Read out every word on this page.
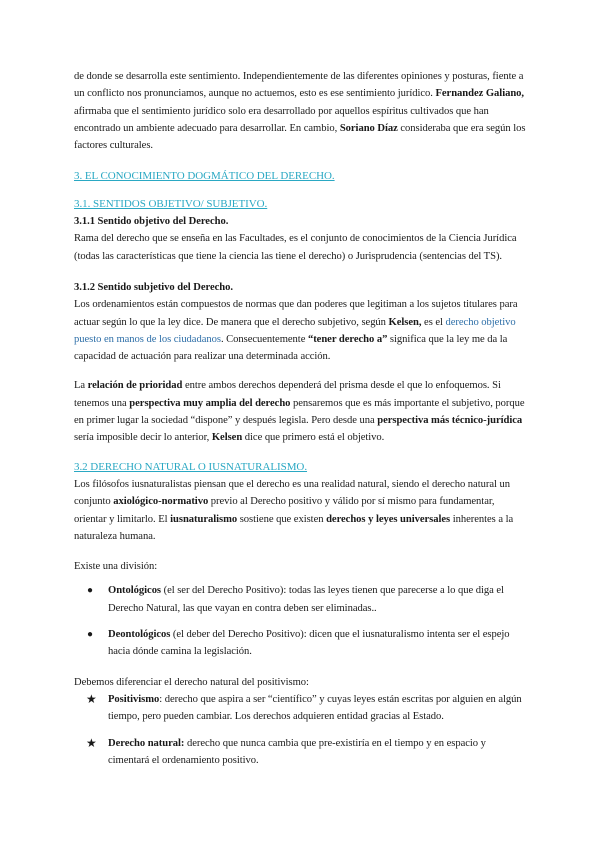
de donde se desarrolla este sentimiento. Independientemente de las diferentes opiniones y posturas, fiente a un conflicto nos pronunciamos, aunque no actuemos, esto es ese sentimiento jurídico. Fernandez Galiano, afirmaba que el sentimiento jurídico solo era desarrollado por aquellos espíritus cultivados que han encontrado un ambiente adecuado para desarrollar. En cambio, Soriano Díaz consideraba que era según los factores culturales.

3. EL CONOCIMIENTO DOGMÁTICO DEL DERECHO.

3.1. SENTIDOS OBJETIVO/ SUBJETIVO.

3.1.1 Sentido objetivo del Derecho.

Rama del derecho que se enseña en las Facultades, es el conjunto de conocimientos de la Ciencia Jurídica (todas las características que tiene la ciencia las tiene el derecho) o Jurisprudencia (sentencias del TS).

3.1.2 Sentido subjetivo del Derecho.

Los ordenamientos están compuestos de normas que dan poderes que legitiman a los sujetos titulares para actuar según lo que la ley dice. De manera que el derecho subjetivo, según Kelsen, es el derecho objetivo puesto en manos de los ciudadanos. Consecuentemente “tener derecho a” significa que la ley me da la capacidad de actuación para realizar una determinada acción.

La relación de prioridad entre ambos derechos dependerá del prisma desde el que lo enfoquemos. Si tenemos una perspectiva muy amplia del derecho pensaremos que es más importante el subjetivo, porque en primer lugar la sociedad “dispone” y después legisla. Pero desde una perspectiva más técnico-jurídica sería imposible decir lo anterior, Kelsen dice que primero está el objetivo.

3.2 DERECHO NATURAL O IUSNATURALISMO.

Los filósofos iusnaturalistas piensan que el derecho es una realidad natural, siendo el derecho natural un conjunto axiológico-normativo previo al Derecho positivo y válido por sí mismo para fundamentar, orientar y limitarlo. El iusnaturalismo sostiene que existen derechos y leyes universales inherentes a la naturaleza humana.

Existe una división:

● Ontológicos (el ser del Derecho Positivo): todas las leyes tienen que parecerse a lo que diga el Derecho Natural, las que vayan en contra deben ser eliminadas..
● Deontológicos (el deber del Derecho Positivo): dicen que el iusnaturalismo intenta ser el espejo hacia dónde camina la legislación.

Debemos diferenciar el derecho natural del positivismo:

★ Positivismo: derecho que aspira a ser “científico” y cuyas leyes están escritas por alguien en algún tiempo, pero pueden cambiar. Los derechos adquieren entidad gracias al Estado.
★ Derecho natural: derecho que nunca cambia que pre-existiría en el tiempo y en espacio y cimentará el ordenamiento positivo.
